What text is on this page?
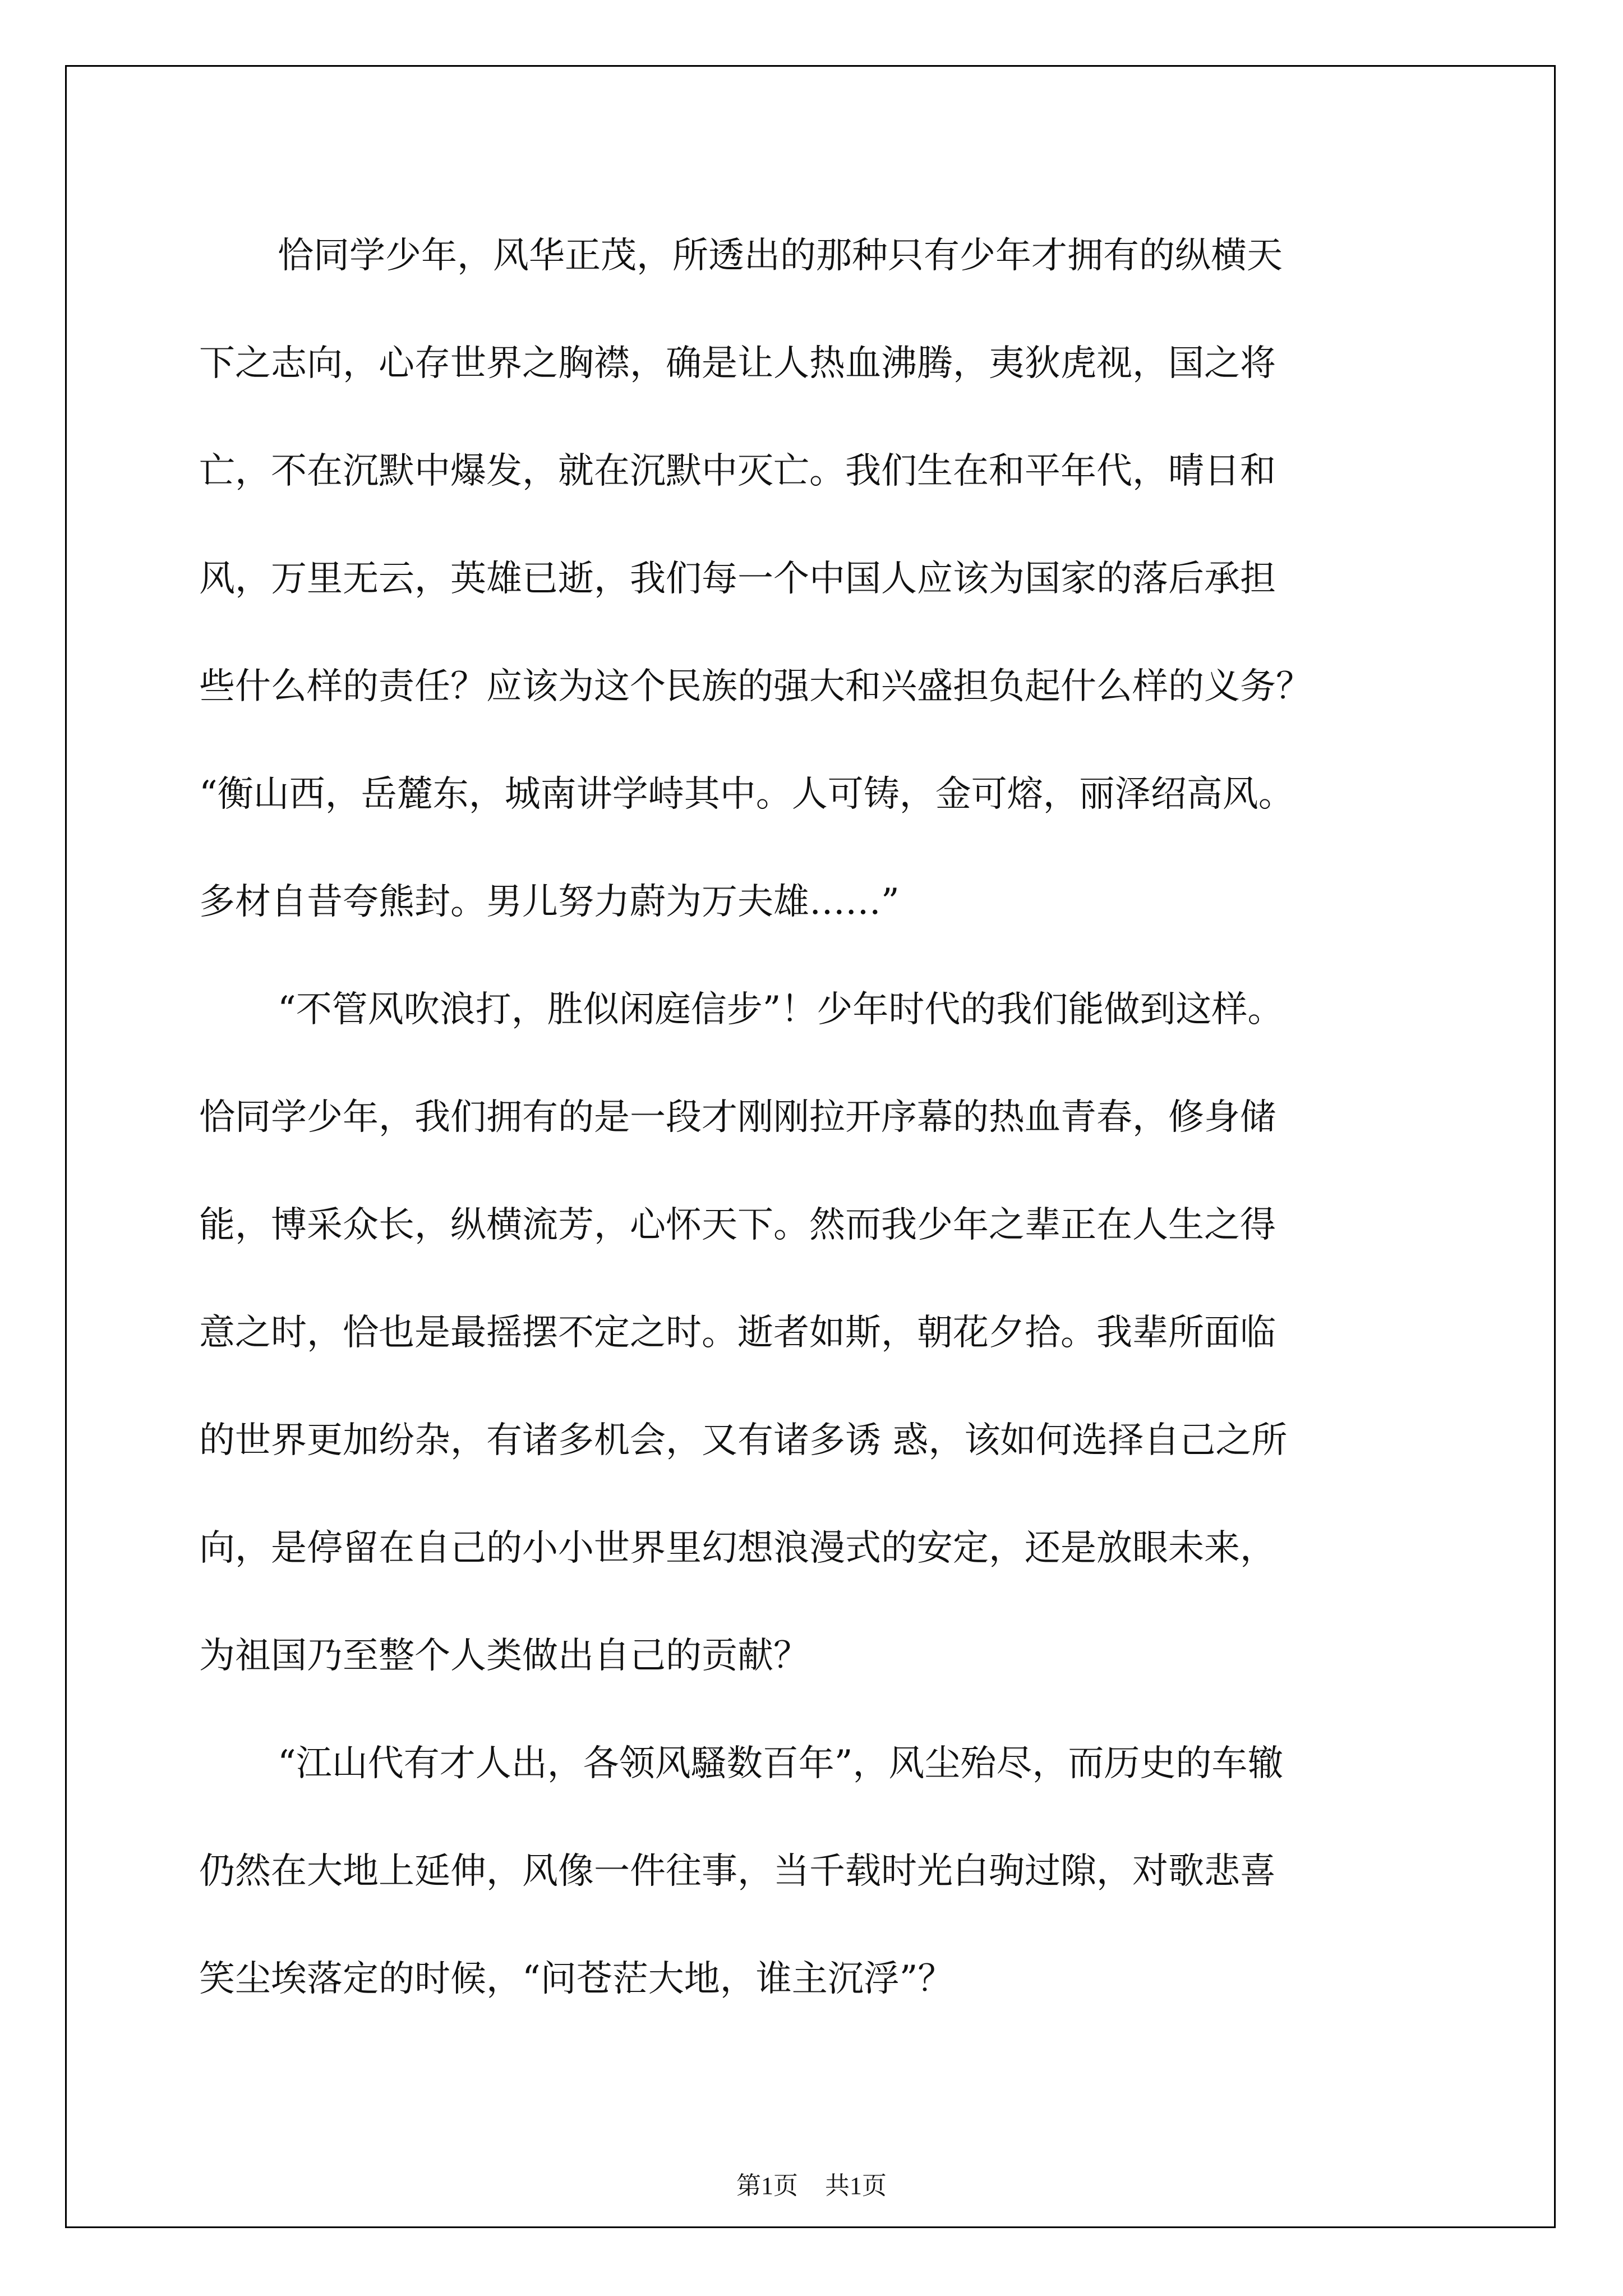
恰同学少年，风华正茂，所透出的那种只有少年才拥有的纵横天
下之志向，心存世界之胸襟，确是让人热血沸腾，夷狄虎视，国之将
亡，不在沉默中爆发，就在沉默中灭亡。我们生在和平年代，晴日和
风，万里无云，英雄已逝，我们每一个中国人应该为国家的落后承担
些什么样的责任？应该为这个民族的强大和兴盛担负起什么样的义务？
“衡山西，岳麓东，城南讲学峙其中。人可铸，金可熔，丽泽绍高风。
多材自昔夸熊封。男儿努力蔚为万夫雄……”
“不管风吹浪打，胜似闲庭信步”！少年时代的我们能做到这样。
恰同学少年，我们拥有的是一段才刚刚拉开序幕的热血青春，修身储
能，博采众长，纵横流芳，心怀天下。然而我少年之辈正在人生之得
意之时，恰也是最摇摆不定之时。逝者如斯，朝花夕拾。我辈所面临
的世界更加纷杂，有诸多机会，又有诸多诱 惑，该如何选择自己之所
向，是停留在自己的小小世界里幻想浪漫式的安定，还是放眼未来，
为祖国乃至整个人类做出自己的贡献？
“江山代有才人出，各领风騷数百年”，风尘殆尽，而历史的车辙
仍然在大地上延伸，风像一件往事，当千载时光白驹过隙，对歌悲喜
笑尘埃落定的时候，“问苍茫大地，谁主沉浮”？
第1页 共1页
